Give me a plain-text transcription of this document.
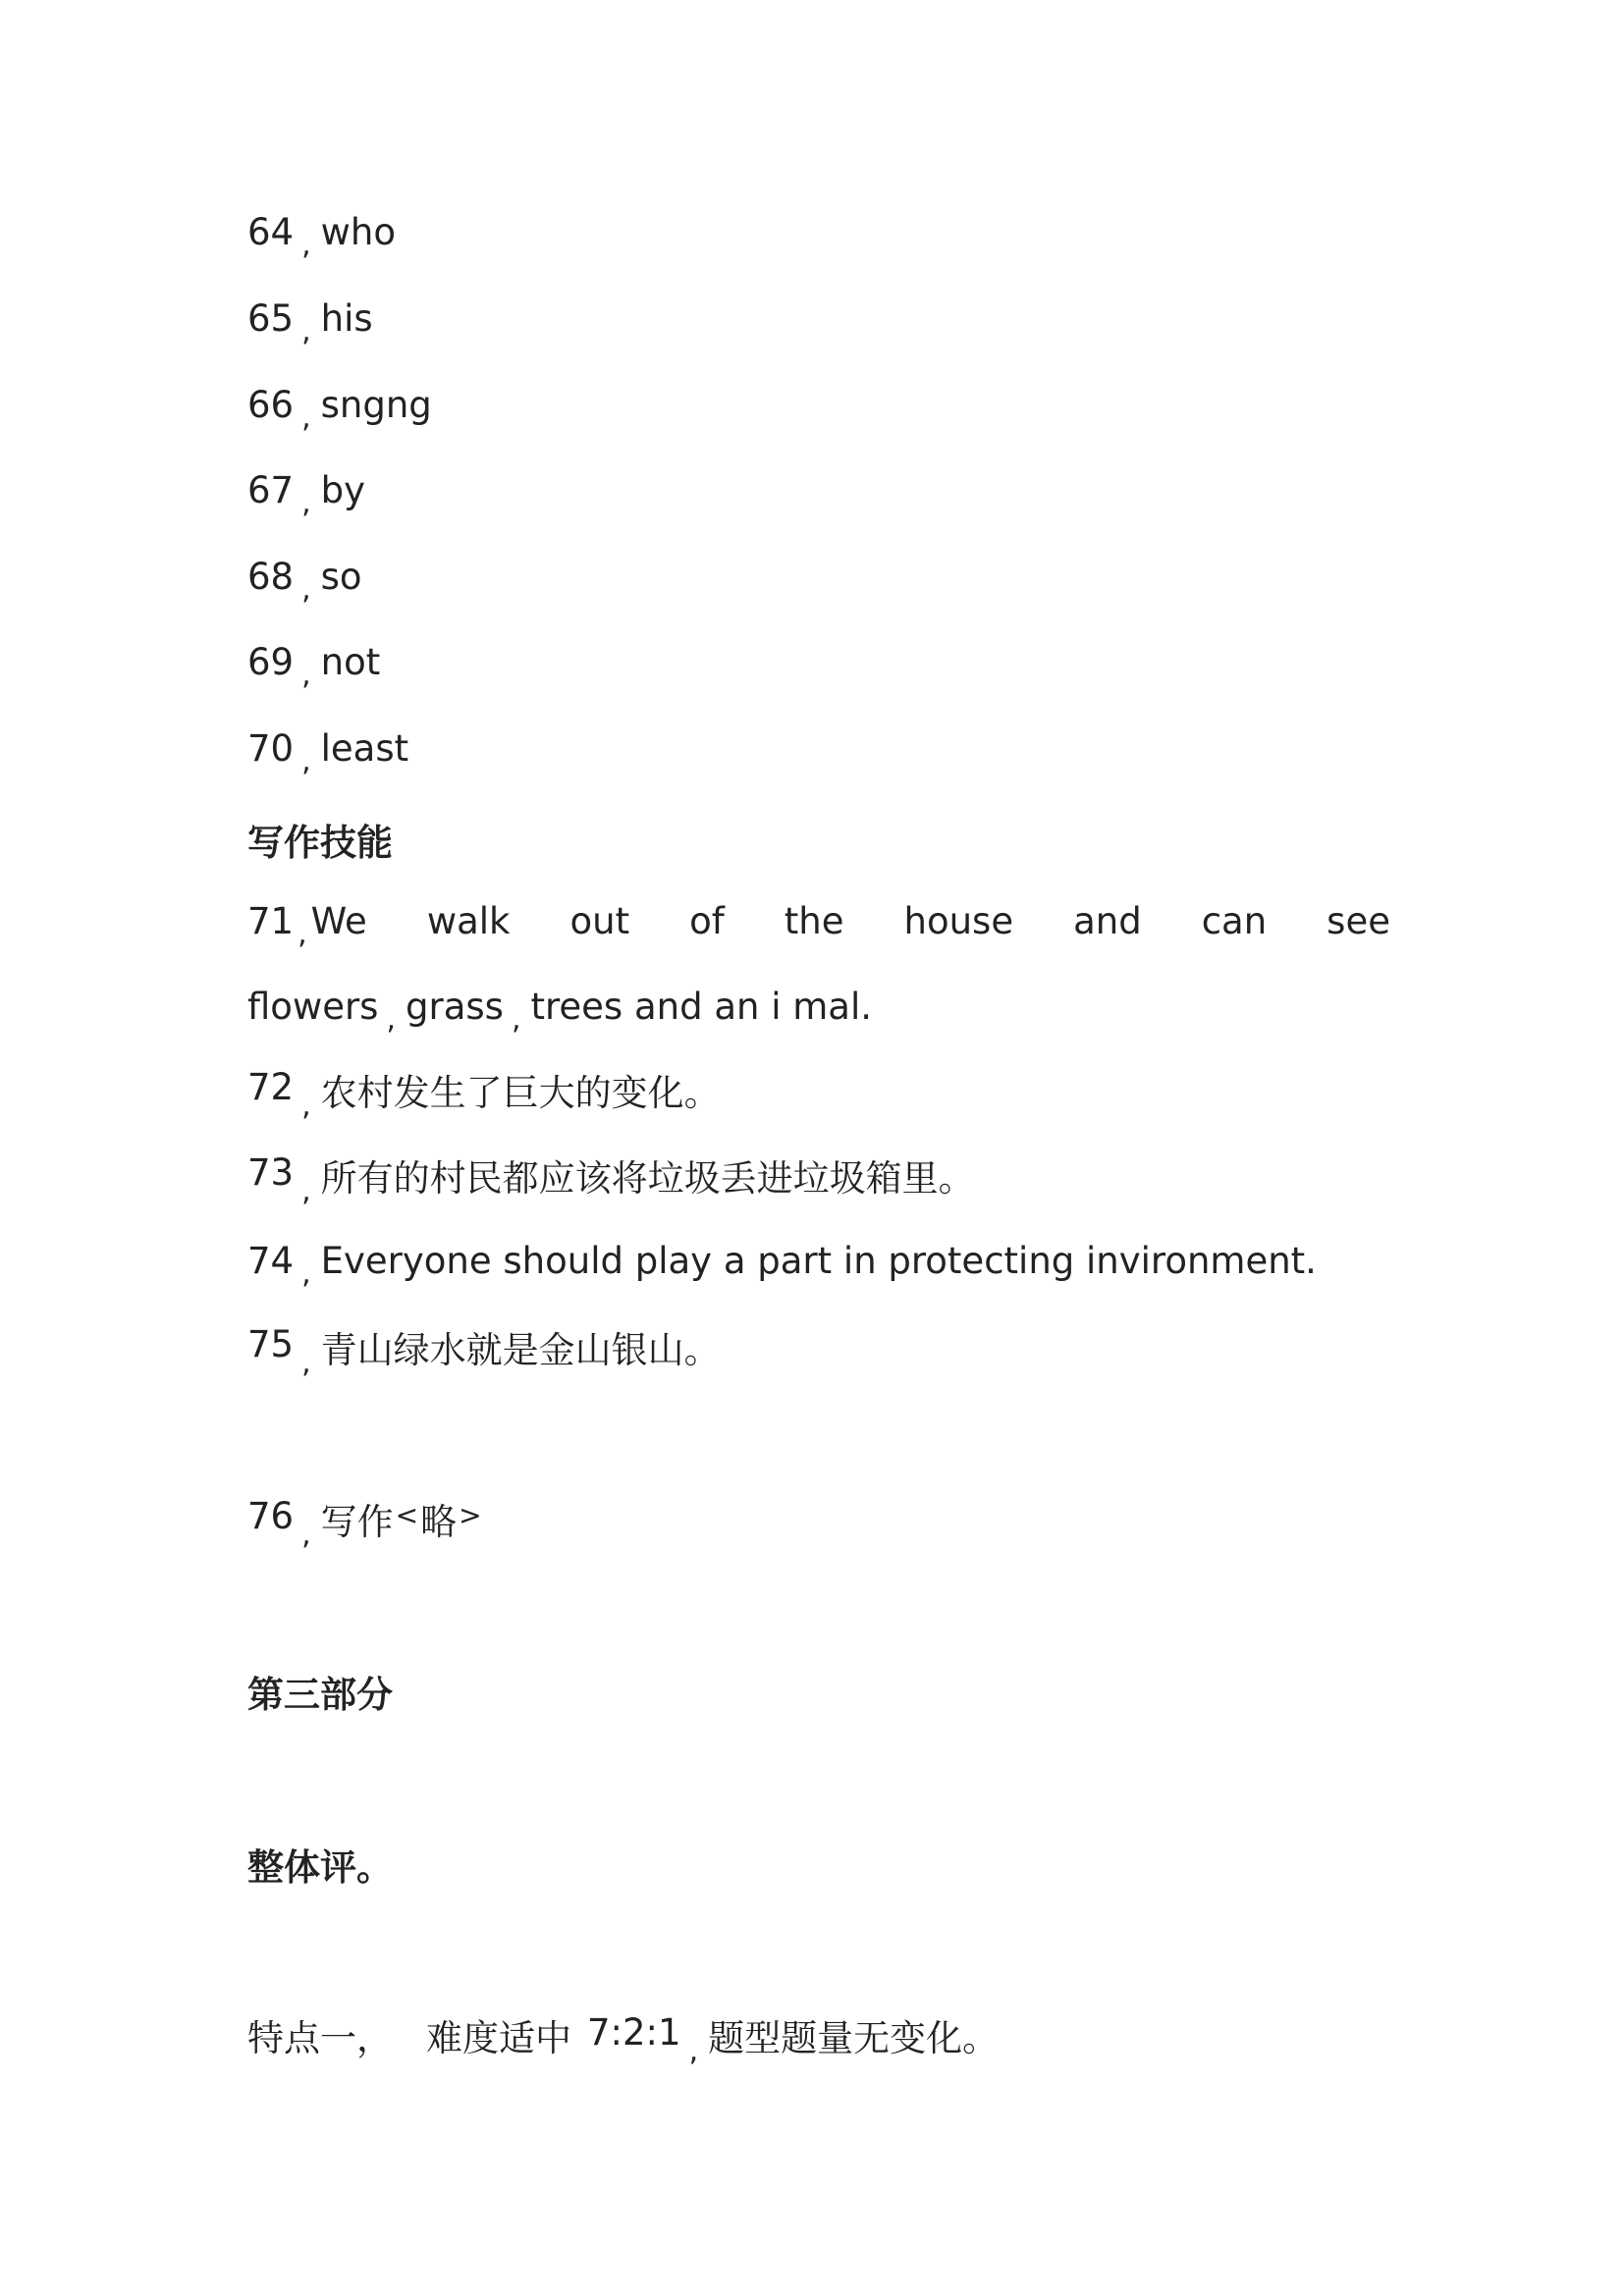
64 , who
65 , his
66 , sngng
67 , by
68 , so
69 , not
70 , least
写作技能
71 , We walk out of the house and can see
flowers , grass , trees and an i mal.
72 , 农村发生了巨大的变化。
73 , 所有的村民都应该将垃圾丢进垃圾箱里。
74 , Everyone should play a part in protecting invironment.
75 , 青山绿水就是金山银山。
76 , 写作<略>
第三部分
整体评。
特点一， 难度适中 7:2:1 , 题型题量无变化。
